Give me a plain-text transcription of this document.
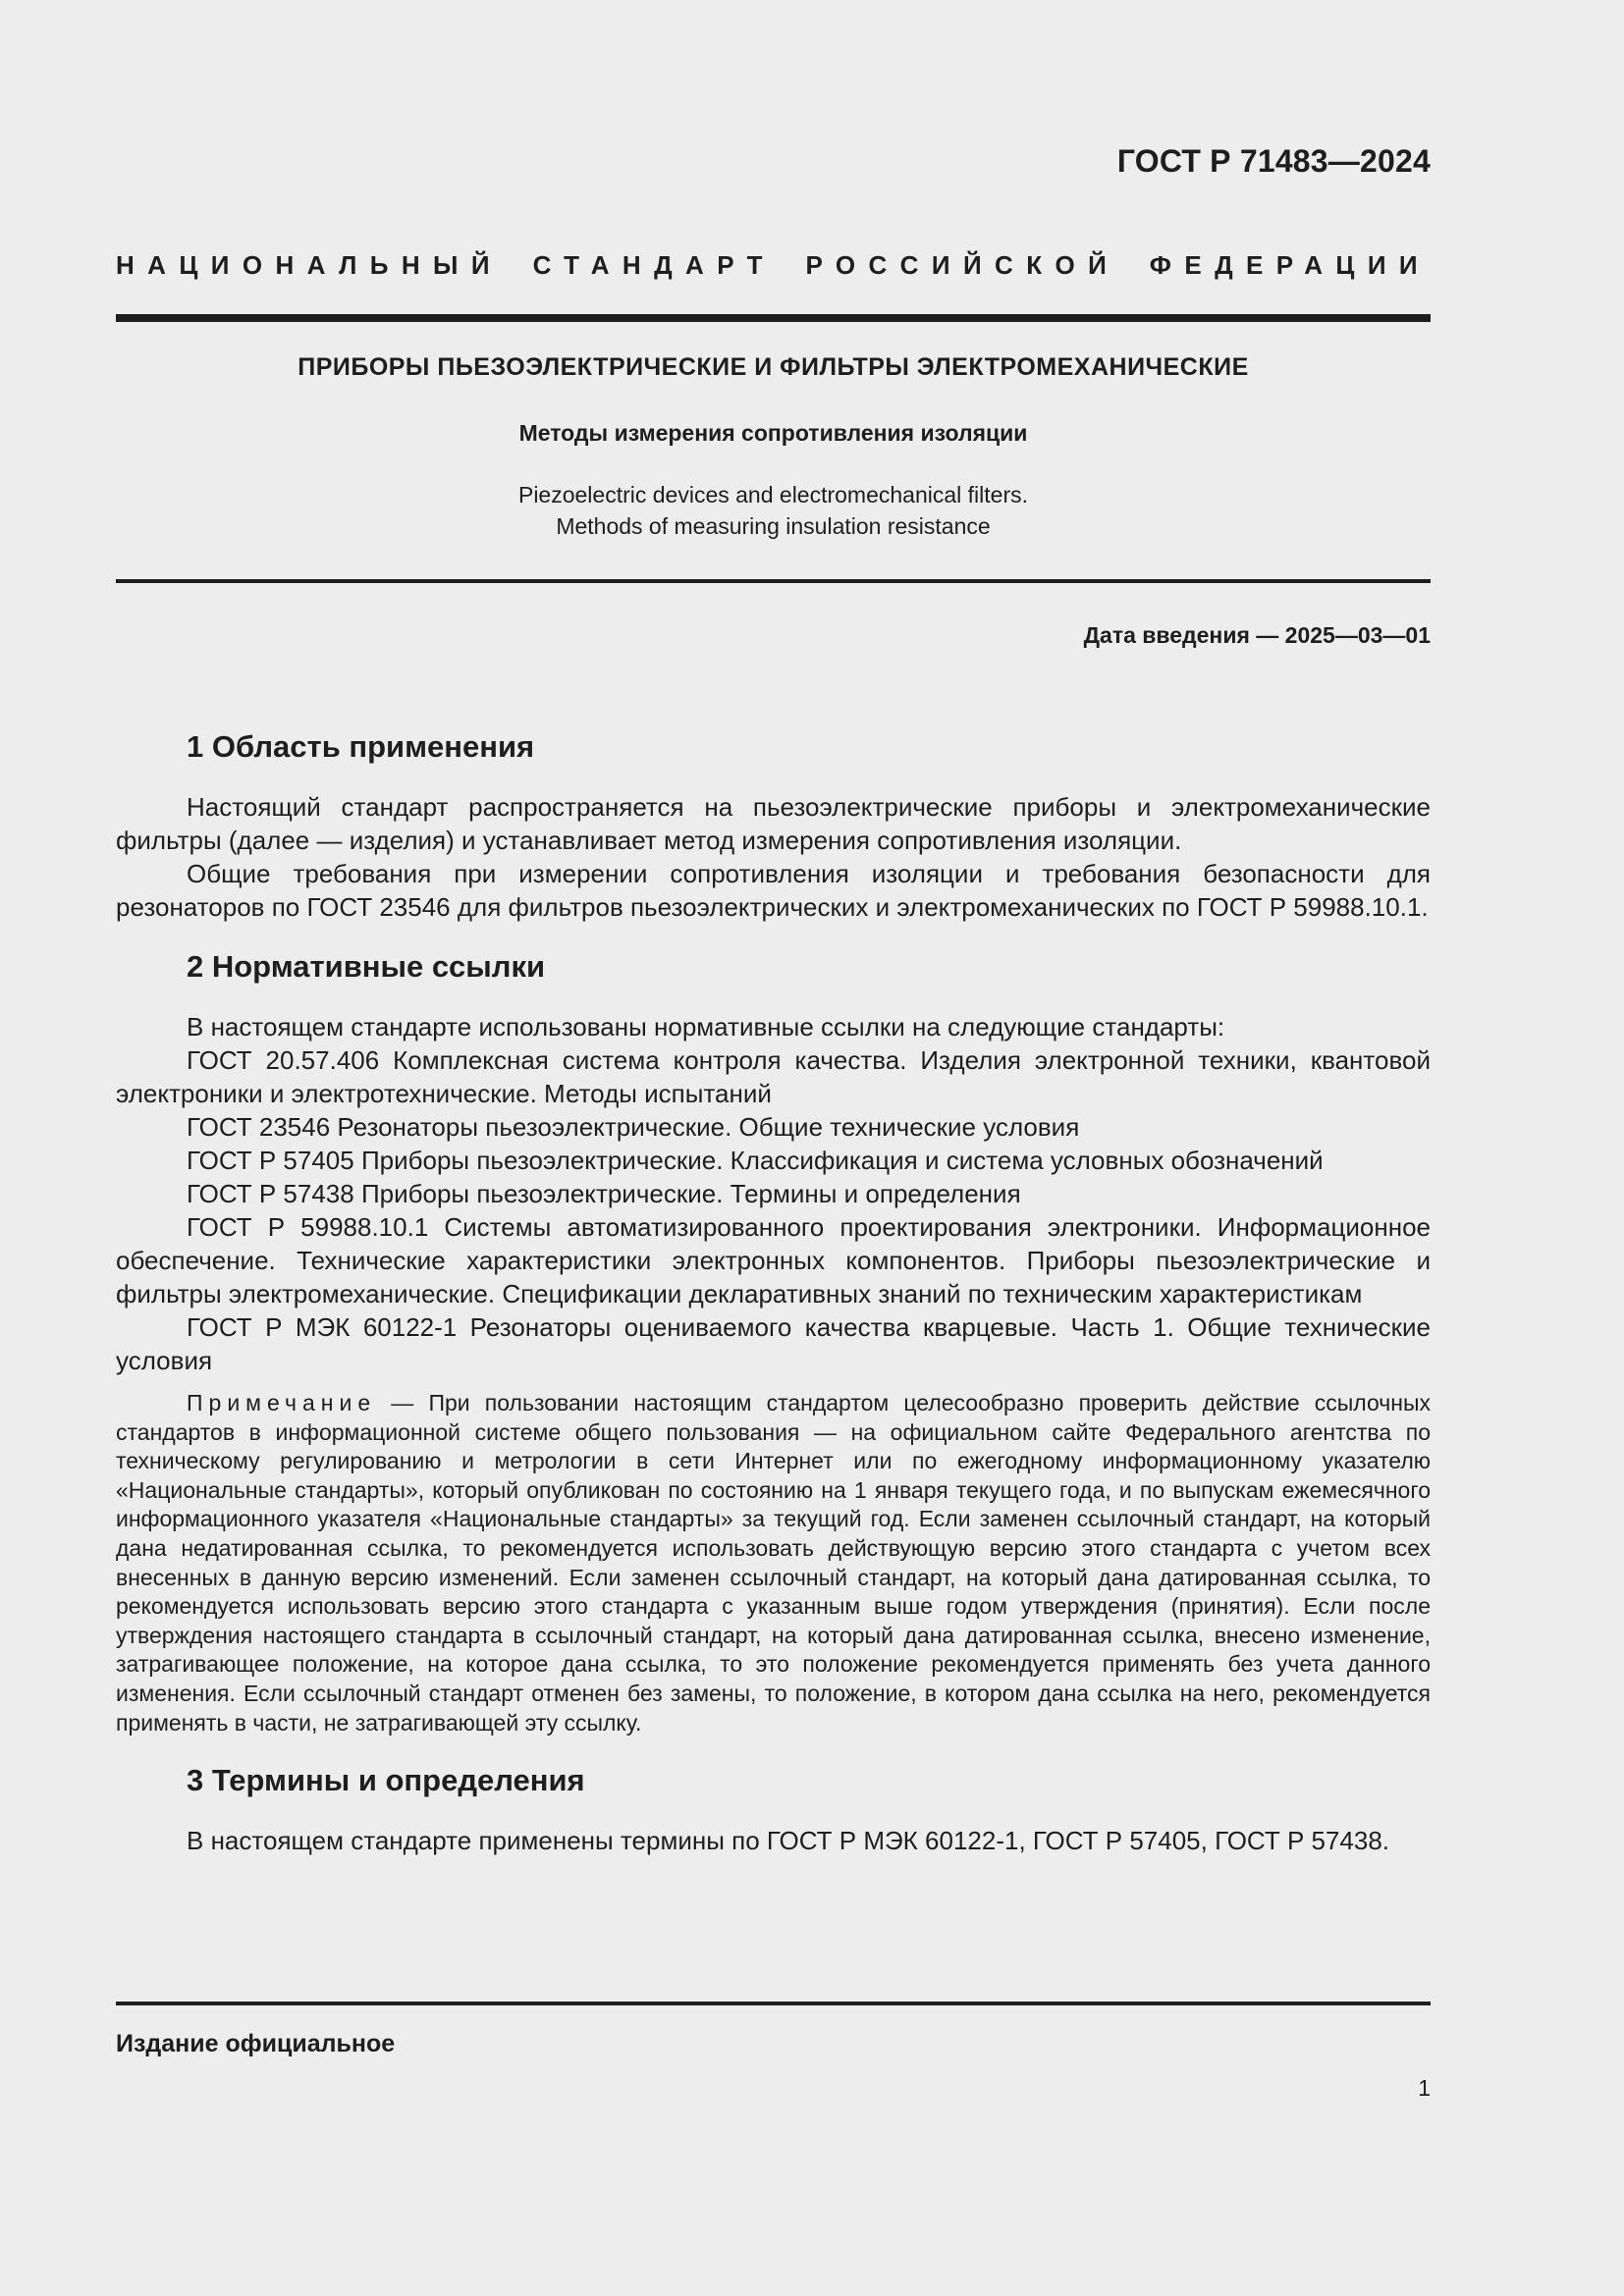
ГОСТ Р 71483—2024
НАЦИОНАЛЬНЫЙ СТАНДАРТ РОССИЙСКОЙ ФЕДЕРАЦИИ
ПРИБОРЫ ПЬЕЗОЭЛЕКТРИЧЕСКИЕ И ФИЛЬТРЫ ЭЛЕКТРОМЕХАНИЧЕСКИЕ
Методы измерения сопротивления изоляции
Piezoelectric devices and electromechanical filters.
Methods of measuring insulation resistance
Дата введения — 2025—03—01
1 Область применения

Настоящий стандарт распространяется на пьезоэлектрические приборы и электромеханические фильтры (далее — изделия) и устанавливает метод измерения сопротивления изоляции.

Общие требования при измерении сопротивления изоляции и требования безопасности для резонаторов по ГОСТ 23546 для фильтров пьезоэлектрических и электромеханических по ГОСТ Р 59988.10.1.

2 Нормативные ссылки

В настоящем стандарте использованы нормативные ссылки на следующие стандарты:

ГОСТ 20.57.406 Комплексная система контроля качества. Изделия электронной техники, квантовой электроники и электротехнические. Методы испытаний

ГОСТ 23546 Резонаторы пьезоэлектрические. Общие технические условия

ГОСТ Р 57405 Приборы пьезоэлектрические. Классификация и система условных обозначений

ГОСТ Р 57438 Приборы пьезоэлектрические. Термины и определения

ГОСТ Р 59988.10.1 Системы автоматизированного проектирования электроники. Информационное обеспечение. Технические характеристики электронных компонентов. Приборы пьезоэлектрические и фильтры электромеханические. Спецификации декларативных знаний по техническим характеристикам

ГОСТ Р МЭК 60122-1 Резонаторы оцениваемого качества кварцевые. Часть 1. Общие технические условия

Примечание — При пользовании настоящим стандартом целесообразно проверить действие ссылочных стандартов в информационной системе общего пользования — на официальном сайте Федерального агентства по техническому регулированию и метрологии в сети Интернет или по ежегодному информационному указателю «Национальные стандарты», который опубликован по состоянию на 1 января текущего года, и по выпускам ежемесячного информационного указателя «Национальные стандарты» за текущий год. Если заменен ссылочный стандарт, на который дана недатированная ссылка, то рекомендуется использовать действующую версию этого стандарта с учетом всех внесенных в данную версию изменений. Если заменен ссылочный стандарт, на который дана датированная ссылка, то рекомендуется использовать версию этого стандарта с указанным выше годом утверждения (принятия). Если после утверждения настоящего стандарта в ссылочный стандарт, на который дана датированная ссылка, внесено изменение, затрагивающее положение, на которое дана ссылка, то это положение рекомендуется применять без учета данного изменения. Если ссылочный стандарт отменен без замены, то положение, в котором дана ссылка на него, рекомендуется применять в части, не затрагивающей эту ссылку.

3 Термины и определения

В настоящем стандарте применены термины по ГОСТ Р МЭК 60122-1, ГОСТ Р 57405, ГОСТ Р 57438.

Издание официальное
1
